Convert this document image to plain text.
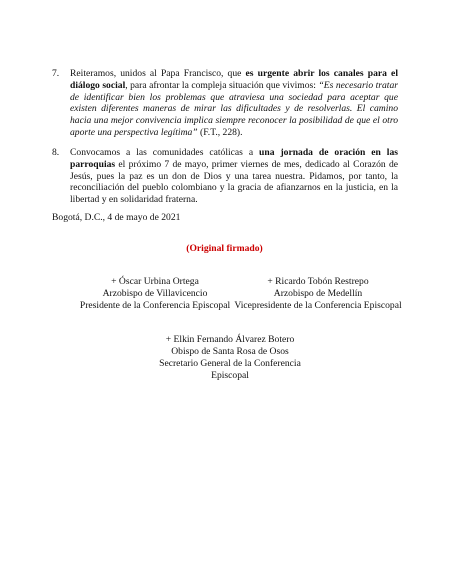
7. Reiteramos, unidos al Papa Francisco, que es urgente abrir los canales para el diálogo social, para afrontar la compleja situación que vivimos: “Es necesario tratar de identificar bien los problemas que atraviesa una sociedad para aceptar que existen diferentes maneras de mirar las dificultades y de resolverlas. El camino hacia una mejor convivencia implica siempre reconocer la posibilidad de que el otro aporte una perspectiva legítima” (F.T., 228).
8. Convocamos a las comunidades católicas a una jornada de oración en las parroquias el próximo 7 de mayo, primer viernes de mes, dedicado al Corazón de Jesús, pues la paz es un don de Dios y una tarea nuestra. Pidamos, por tanto, la reconciliación del pueblo colombiano y la gracia de afianzarnos en la justicia, en la libertad y en solidaridad fraterna.
Bogotá, D.C., 4 de mayo de 2021
(Original firmado)
+ Óscar Urbina Ortega
Arzobispo de Villavicencio
Presidente de la Conferencia Episcopal
+ Ricardo Tobón Restrepo
Arzobispo de Medellín
Vicepresidente de la Conferencia Episcopal
+ Elkin Fernando Álvarez Botero
Obispo de Santa Rosa de Osos
Secretario General de la Conferencia Episcopal
